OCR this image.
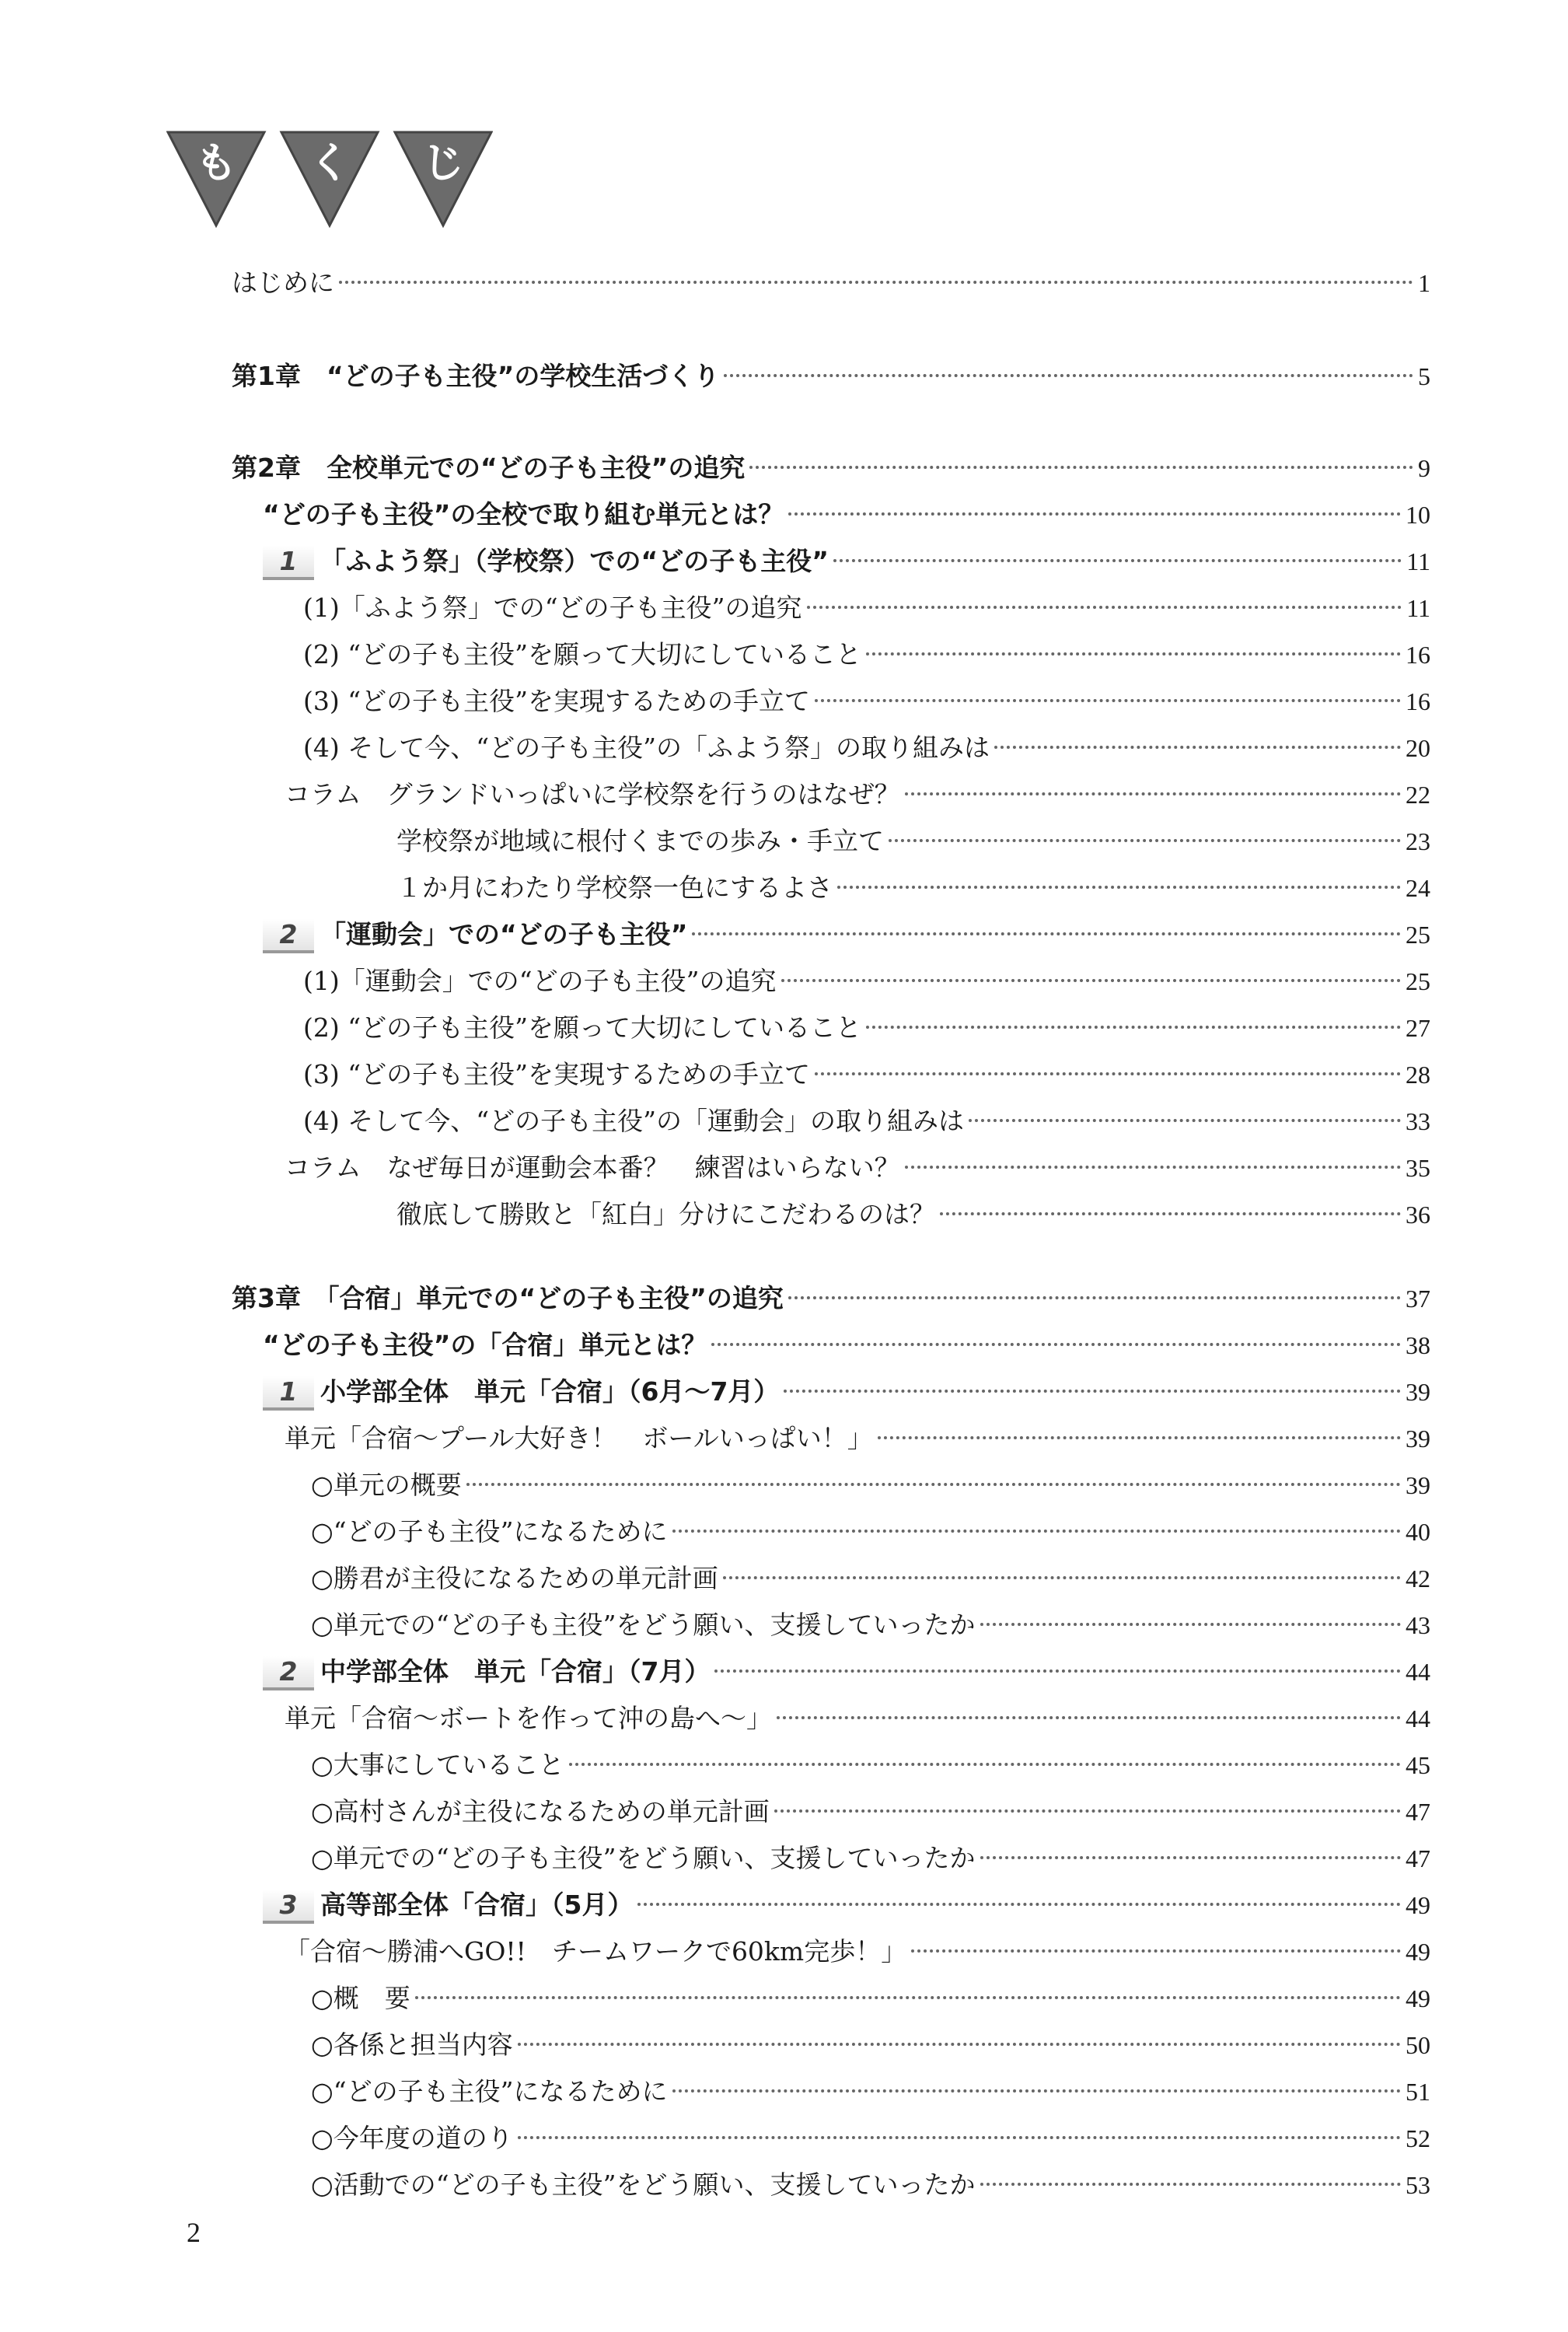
も く じ
はじめに	1
第1章　“どの子も主役”の学校生活づくり	5
第2章　全校単元での“どの子も主役”の追究	9
“どの子も主役”の全校で取り組む単元とは？	10
1 「ふよう祭」（学校祭）での“どの子も主役”	11
(1)「ふよう祭」での“どの子も主役”の追究	11
(2) “どの子も主役”を願って大切にしていること	16
(3) “どの子も主役”を実現するための手立て	16
(4) そして今、“どの子も主役”の「ふよう祭」の取り組みは	20
コラム　グランドいっぱいに学校祭を行うのはなぜ？	22
学校祭が地域に根付くまでの歩み・手立て	23
１か月にわたり学校祭一色にするよさ	24
2 「運動会」での“どの子も主役”	25
(1)「運動会」での“どの子も主役”の追究	25
(2) “どの子も主役”を願って大切にしていること	27
(3) “どの子も主役”を実現するための手立て	28
(4) そして今、“どの子も主役”の「運動会」の取り組みは	33
コラム　なぜ毎日が運動会本番？　練習はいらない？	35
徹底して勝敗と「紅白」分けにこだわるのは？	36
第3章　「合宿」単元での“どの子も主役”の追究	37
“どの子も主役”の「合宿」単元とは？	38
1 小学部全体　単元「合宿」（6月～7月）	39
単元「合宿～プール大好き！　ボールいっぱい！」	39
○単元の概要	39
○“どの子も主役”になるために	40
○勝君が主役になるための単元計画	42
○単元での“どの子も主役”をどう願い、支援していったか	43
2 中学部全体　単元「合宿」（7月）	44
単元「合宿～ボートを作って沖の島へ～」	44
○大事にしていること	45
○高村さんが主役になるための単元計画	47
○単元での“どの子も主役”をどう願い、支援していったか	47
3 高等部全体「合宿」（5月）	49
「合宿～勝浦へGO!!　チームワークで60km完歩！」	49
○概　要	49
○各係と担当内容	50
○“どの子も主役”になるために	51
○今年度の道のり	52
○活動での“どの子も主役”をどう願い、支援していったか	53
2
